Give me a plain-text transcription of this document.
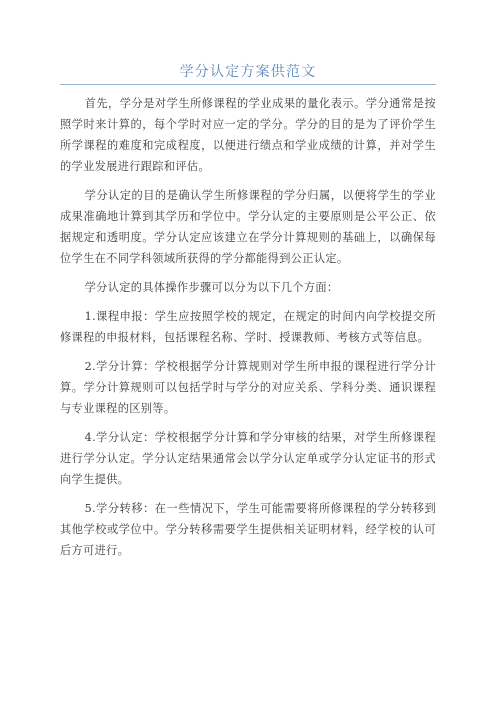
学分认定方案供范文

首先，学分是对学生所修课程的学业成果的量化表示。学分通常是按照学时来计算的，每个学时对应一定的学分。学分的目的是为了评价学生所学课程的难度和完成程度，以便进行绩点和学业成绩的计算，并对学生的学业发展进行跟踪和评估。

学分认定的目的是确认学生所修课程的学分归属，以便将学生的学业成果准确地计算到其学历和学位中。学分认定的主要原则是公平公正、依据规定和透明度。学分认定应该建立在学分计算规则的基础上，以确保每位学生在不同学科领域所获得的学分都能得到公正认定。

学分认定的具体操作步骤可以分为以下几个方面：

1.课程申报：学生应按照学校的规定，在规定的时间内向学校提交所修课程的申报材料，包括课程名称、学时、授课教师、考核方式等信息。

2.学分计算：学校根据学分计算规则对学生所申报的课程进行学分计算。学分计算规则可以包括学时与学分的对应关系、学科分类、通识课程与专业课程的区别等。

4.学分认定：学校根据学分计算和学分审核的结果，对学生所修课程进行学分认定。学分认定结果通常会以学分认定单或学分认定证书的形式向学生提供。

5.学分转移：在一些情况下，学生可能需要将所修课程的学分转移到其他学校或学位中。学分转移需要学生提供相关证明材料，经学校的认可后方可进行。
